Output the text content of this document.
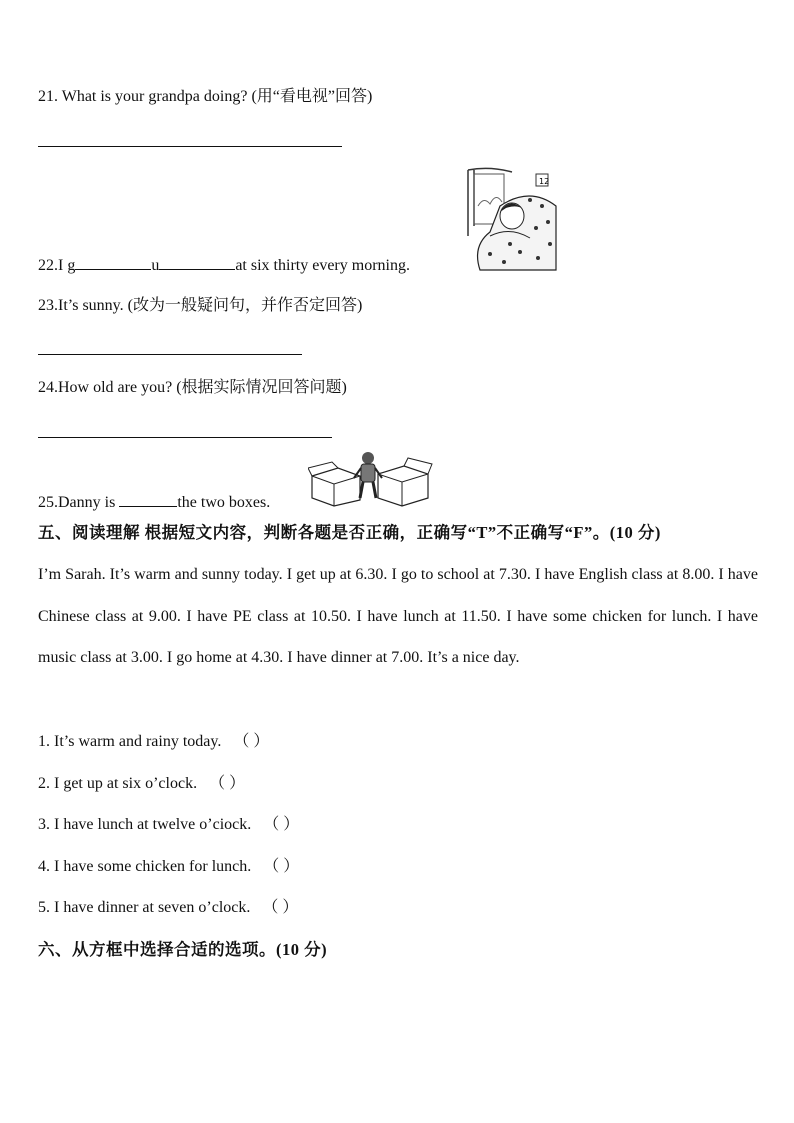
21. What is your grandpa doing? (用“看电视”回答)
22.I g	u	at six thirty every morning.
12
23.It’s sunny. (改为一般疑问句，并作否定回答)
24.How old are you? (根据实际情况回答问题)
25.Danny is	the two boxes.
五、阅读理解 根据短文内容，判断各题是否正确，正确写“T”不正确写“F”。(10 分)
I’m Sarah. It’s warm and sunny today. I get up at 6.30. I go to school at 7.30. I have English class at 8.00. I have Chinese class at 9.00. I have PE class at 10.50. I have lunch at 11.50. I have some chicken for lunch. I have music class at 3.00. I go home at 4.30. I have dinner at 7.00. It’s a nice day.
1. It’s warm and rainy today. （ ）
2. I get up at six o’clock. （ ）
3. I have lunch at twelve o’ciock. （ ）
4. I have some chicken for lunch. （ ）
5. I have dinner at seven o’clock. （ ）
六、从方框中选择合适的选项。(10 分)
